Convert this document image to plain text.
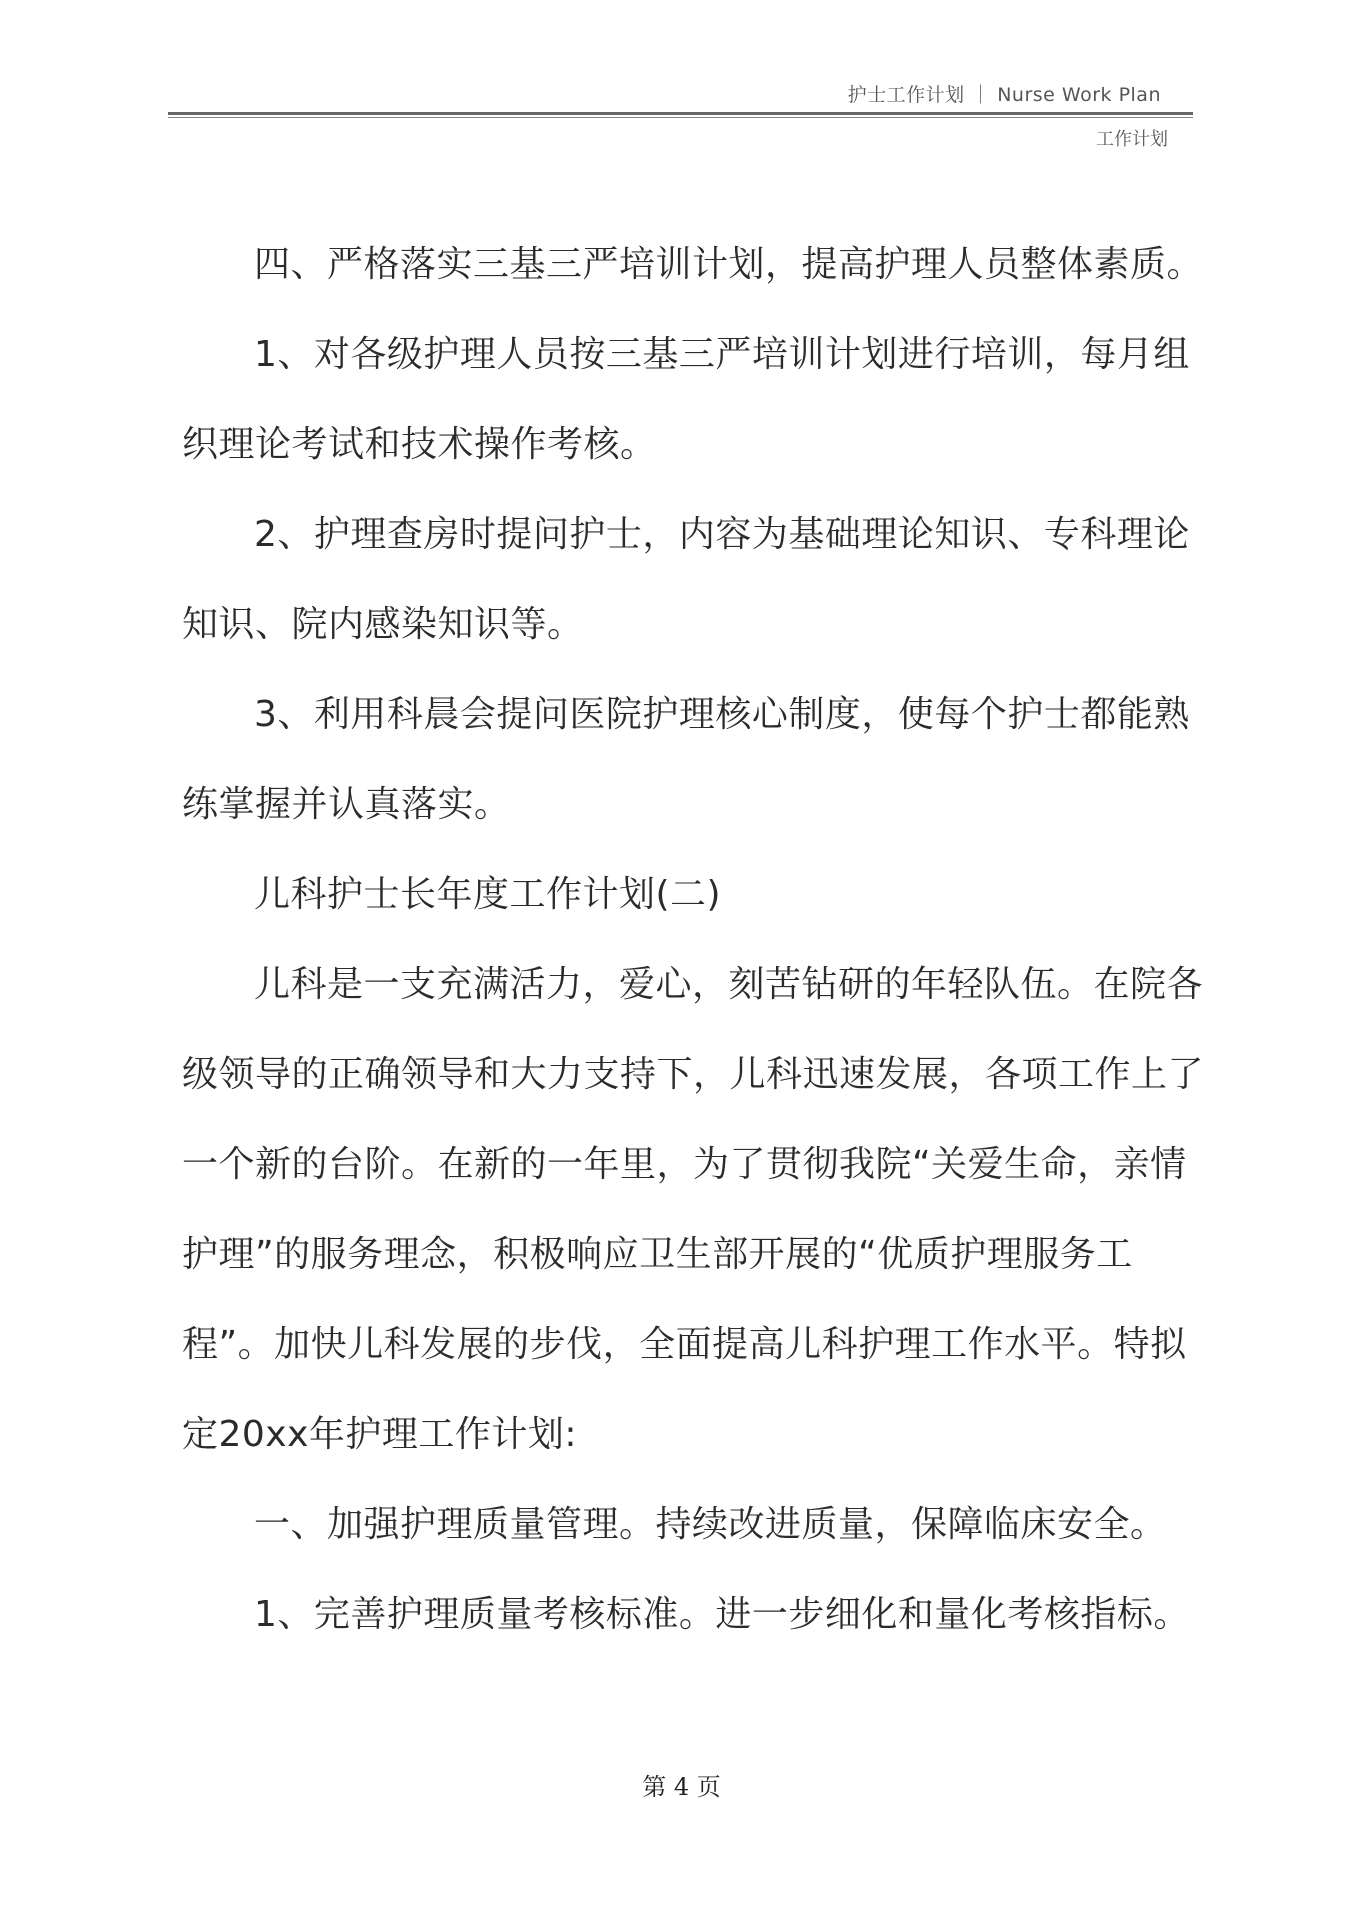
护士工作计划 ｜ Nurse Work Plan
工作计划

四、严格落实三基三严培训计划，提高护理人员整体素质。

1、对各级护理人员按三基三严培训计划进行培训，每月组织理论考试和技术操作考核。

2、护理查房时提问护士，内容为基础理论知识、专科理论知识、院内感染知识等。

3、利用科晨会提问医院护理核心制度，使每个护士都能熟练掌握并认真落实。

儿科护士长年度工作计划(二)

儿科是一支充满活力，爱心，刻苦钻研的年轻队伍。在院各级领导的正确领导和大力支持下，儿科迅速发展，各项工作上了一个新的台阶。在新的一年里，为了贯彻我院“关爱生命，亲情护理”的服务理念，积极响应卫生部开展的“优质护理服务工程”。加快儿科发展的步伐，全面提高儿科护理工作水平。特拟定20xx年护理工作计划:

一、加强护理质量管理。持续改进质量，保障临床安全。

1、完善护理质量考核标准。进一步细化和量化考核指标。

第 4 页
